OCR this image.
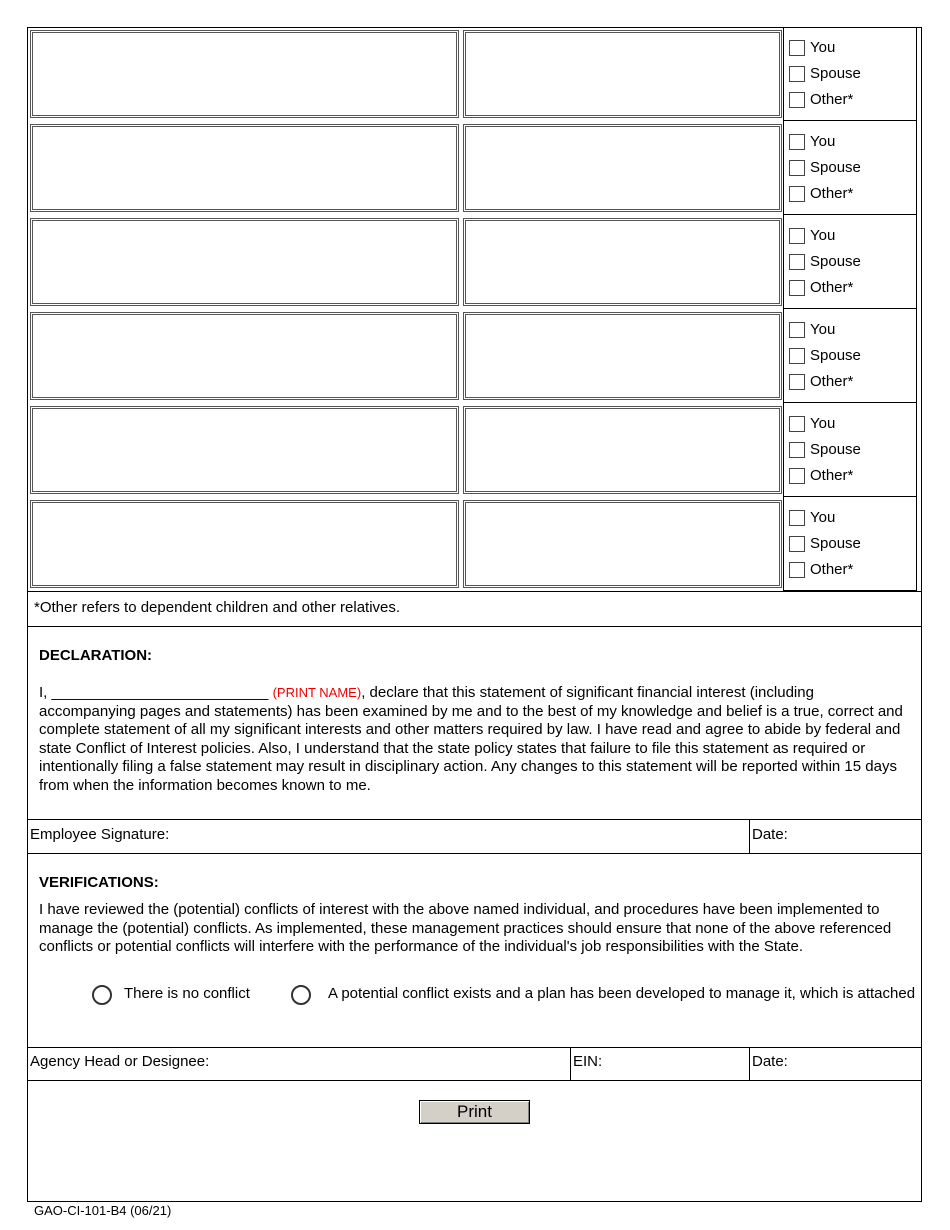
You
Spouse
Other*
You
Spouse
Other*
You
Spouse
Other*
You
Spouse
Other*
You
Spouse
Other*
You
Spouse
Other*
*Other refers to dependent children and other relatives.
DECLARATION:
I, __________________________ (PRINT NAME), declare that this statement of significant financial interest (including accompanying pages and statements) has been examined by me and to the best of my knowledge and belief is a true, correct and complete statement of all my significant interests and other matters required by law. I have read and agree to abide by federal and state Conflict of Interest policies. Also, I understand that the state policy states that failure to file this statement as required or intentionally filing a false statement may result in disciplinary action. Any changes to this statement will be reported within 15 days from when the information becomes known to me.
Employee Signature:	Date:
VERIFICATIONS:
I have reviewed the (potential) conflicts of interest with the above named individual, and procedures have been implemented to manage the (potential) conflicts. As implemented, these management practices should ensure that none of the above referenced conflicts or potential conflicts will interfere with the performance of the individual's job responsibilities with the State.
There is no conflict	A potential conflict exists and a plan has been developed to manage it, which is attached
Agency Head or Designee:	EIN:	Date:
Print
GAO-CI-101-B4 (06/21)
